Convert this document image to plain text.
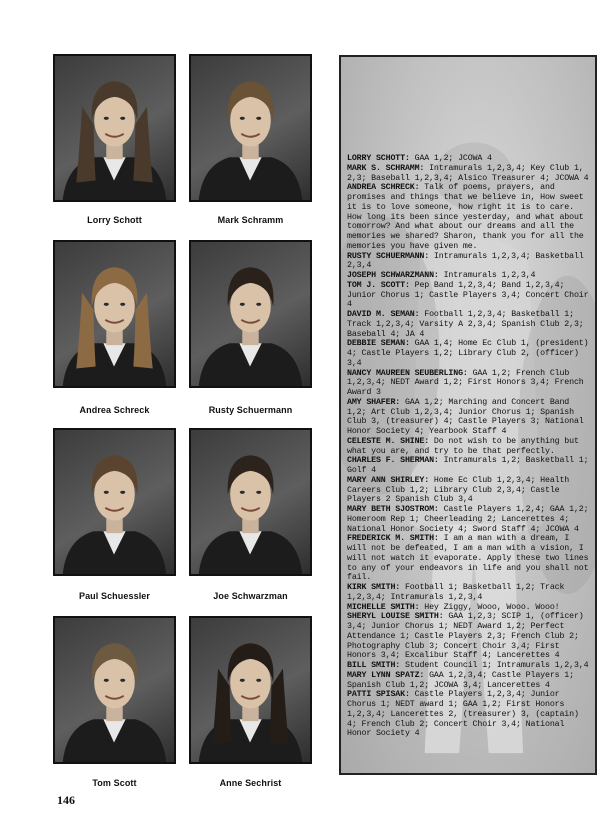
Lorry Schott	Mark Schramm
Andrea Schreck	Rusty Schuermann
Paul Schuessler	Joe Schwarzman
Tom Scott	Anne Sechrist

LORRY SCHOTT: GAA 1,2; JCOWA 4

MARK S. SCHRAMM: Intramurals 1,2,3,4; Key Club 1, 2,3; Baseball 1,2,3,4; Alsico Treasurer 4; JCOWA 4

ANDREA SCHRECK: Talk of poems, prayers, and promises and things that we believe in, How sweet it is to love someone, how right it is to care. How long its been since yesterday, and what about tomorrow? And what about our dreams and all the memories we shared? Sharon, thank you for all the memories you have given me.

RUSTY SCHUERMANN: Intramurals 1,2,3,4; Basketball 2,3,4

JOSEPH SCHWARZMANN: Intramurals 1,2,3,4

TOM J. SCOTT: Pep Band 1,2,3,4; Band 1,2,3,4; Junior Chorus 1; Castle Players 3,4; Concert Choir 4

DAVID M. SEMAN: Football 1,2,3,4; Basketball 1; Track 1,2,3,4; Varsity A 2,3,4; Spanish Club 2,3; Baseball 4; JA 4

DEBBIE SEMAN: GAA 1,4; Home Ec Club 1, (president) 4; Castle Players 1,2; Library Club 2, (officer) 3,4

NANCY MAUREEN SEUBERLING: GAA 1,2; French Club 1,2,3,4; NEDT Award 1,2; First Honors 3,4; French Award 3

AMY SHAFER: GAA 1,2; Marching and Concert Band 1,2; Art Club 1,2,3,4; Junior Chorus 1; Spanish Club 3, (treasurer) 4; Castle Players 3; National Honor Society 4; Yearbook Staff 4

CELESTE M. SHINE: Do not wish to be anything but what you are, and try to be that perfectly.

CHARLES F. SHERMAN: Intramurals 1,2; Basketball 1; Golf 4

MARY ANN SHIRLEY: Home Ec Club 1,2,3,4; Health Careers Club 1,2; Library Club 2,3,4; Castle Players 2 Spanish Club 3,4

MARY BETH SJOSTROM: Castle Players 1,2,4; GAA 1,2; Homeroom Rep 1; Cheerleading 2; Lancerettes 4; National Honor Society 4; Sword Staff 4; JCOWA 4

FREDERICK M. SMITH: I am a man with a dream, I will not be defeated, I am a man with a vision, I will not watch it evaporate. Apply these two lines to any of your endeavors in life and you shall not fail.

KIRK SMITH: Football 1; Basketball 1,2; Track 1,2,3,4; Intramurals 1,2,3,4

MICHELLE SMITH: Hey Ziggy, Wooo, Wooo. Wooo!

SHERYL LOUISE SMITH: GAA 1,2,3; SCIP 1, (officer) 3,4; Junior Chorus 1; NEDT Award 1,2; Perfect Attendance 1; Castle Players 2,3; French Club 2; Photography Club 3; Concert Choir 3,4; First Honors 3,4; Excalibur Staff 4; Lancerettes 4

BILL SMITH: Student Council 1; Intramurals 1,2,3,4

MARY LYNN SPATZ: GAA 1,2,3,4; Castle Players 1; Spanish Club 1,2; JCOWA 3,4; Lancerettes 4

PATTI SPISAK: Castle Players 1,2,3,4; Junior Chorus 1; NEDT award 1; GAA 1,2; First Honors 1,2,3,4; Lancerettes 2, (treasurer) 3, (captain) 4; French Club 2; Concert Choir 3,4; National Honor Society 4

146
